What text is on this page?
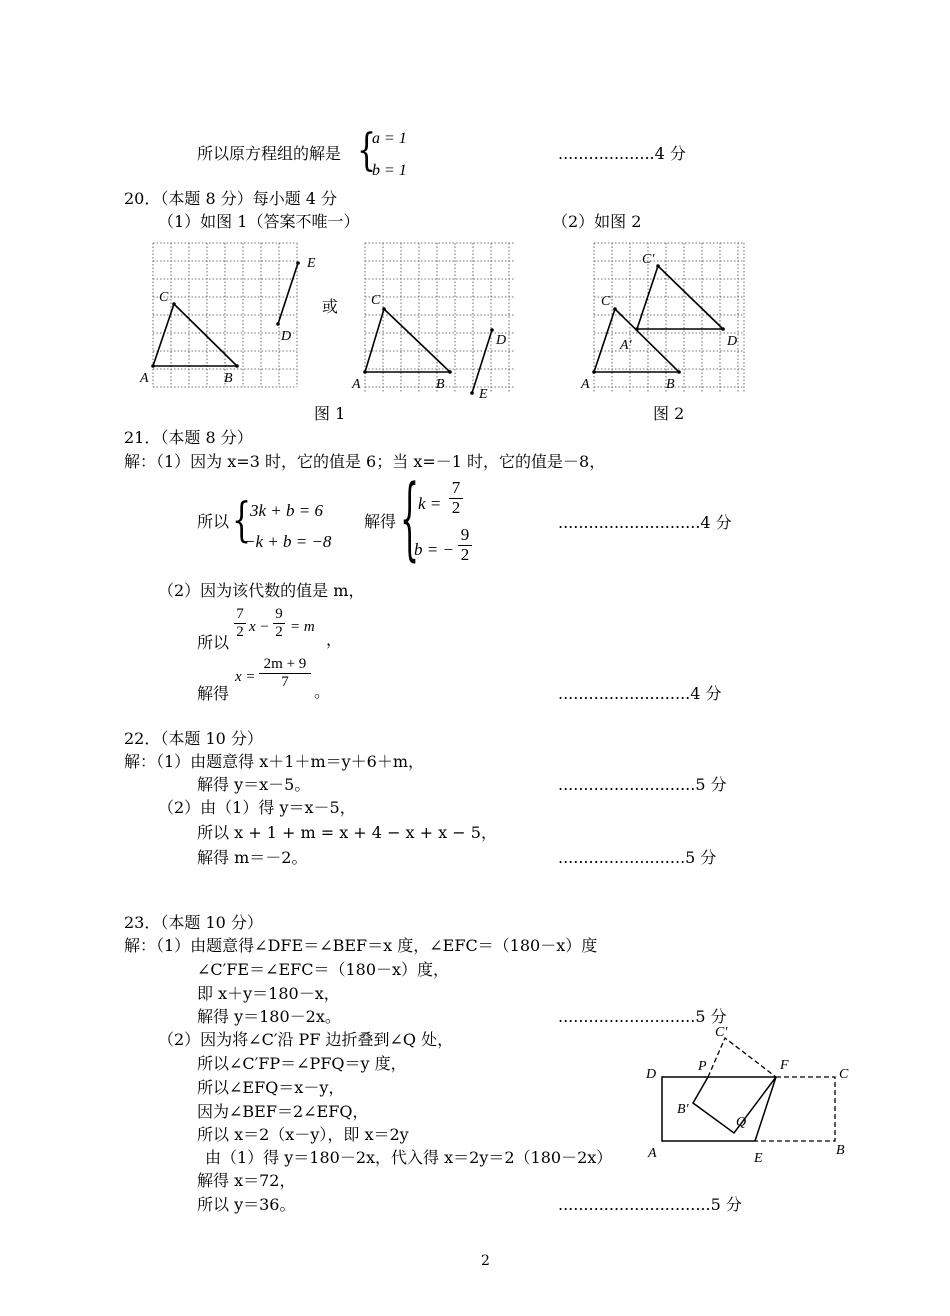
所以原方程组的解是 {
a = 1
b = 1
...................4 分
20．（本题 8 分）每小题 4 分
（1）如图 1（答案不唯一）	（2）如图 2
A	B
C
D
E
或
A	B
C
D
E
图 1
A	B
C
C′
A′	D
图 2
21．（本题 8 分）
解：（1）因为 x=3 时，它的值是 6；当 x=－1 时，它的值是－8，
所以 {
3k + b = 6
−k + b = −8
解得 {
$k = \frac{7}{2}$
b = − $\frac{9}{2}$
............................4 分
（2）因为该代数的值是 m，
所以
$\frac{7}{2}$ $x - \frac{9}{2} = m$
，
解得
$x = \frac{2m + 9}{7}$
。	..........................4 分
22．（本题 10 分）
解：（1）由题意得 x＋1＋m＝y＋6＋m，
解得 y＝x－5。	...........................5 分
（2）由（1）得 y＝x－5，
所以 x + 1 + m = x + 4 − x + x − 5，
解得 m＝－2。	.........................5 分
23．（本题 10 分）
解：（1）由题意得∠DFE＝∠BEF＝x 度，∠EFC＝（180－x）度
∠C′FE＝∠EFC＝（180－x）度，
即 x＋y＝180－x，
解得 y＝180－2x。	...........................5 分
（2）因为将∠C′沿 PF 边折叠到∠Q 处，
所以∠C′FP＝∠PFQ＝y 度，
所以∠EFQ＝x－y，
因为∠BEF＝2∠EFQ，
所以 x＝2（x－y），即 x＝2y
由（1）得 y＝180－2x，代入得 x＝2y＝2（180－2x）
解得 x＝72，
所以 y＝36。	..............................5 分
D
P
C′
F
C
B′
Q
A	E
B
2
